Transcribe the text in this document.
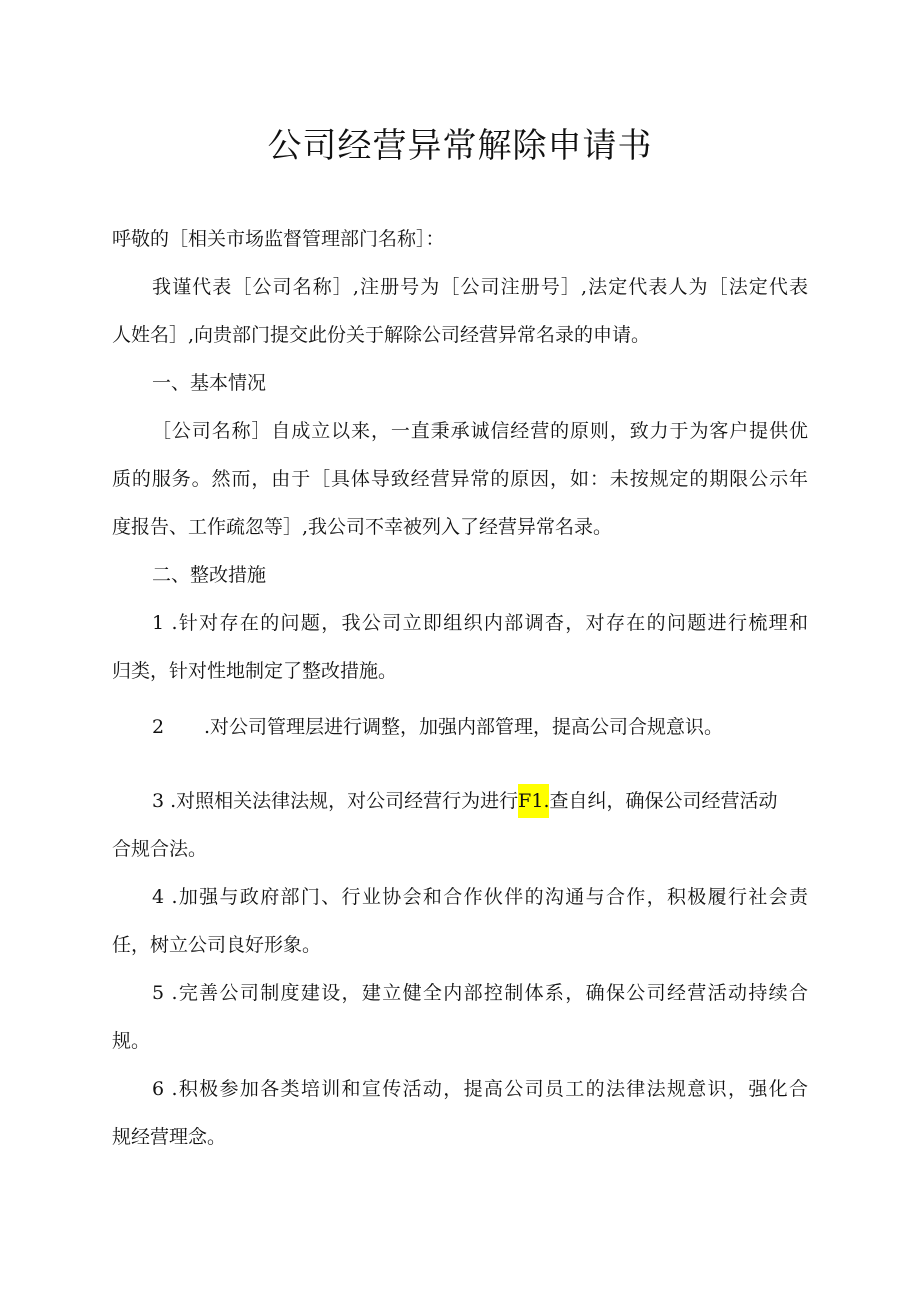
公司经营异常解除申请书

呼敬的［相关市场监督管理部门名称］：

我谨代表［公司名称］,注册号为［公司注册号］,法定代表人为［法定代表

人姓名］,向贵部门提交此份关于解除公司经营异常名录的申请。

一、基本情况

［公司名称］自成立以来，一直秉承诚信经营的原则，致力于为客户提供优

质的服务。然而，由于［具体导致经营异常的原因，如：未按规定的期限公示年

度报告、工作疏忽等］,我公司不幸被列入了经营异常名录。

二、整改措施

1 .针对存在的问题，我公司立即组织内部调杳，对存在的问题进行梳理和

归类，针对性地制定了整改措施。

2 .对公司管理层进行调整，加强内部管理，提高公司合规意识。

3 .对照相关法律法规，对公司经营行为进行F1.查自纠，确保公司经营活动

合规合法。

4 .加强与政府部门、行业协会和合作伙伴的沟通与合作，积极履行社会责

任，树立公司良好形象。

5 .完善公司制度建设，建立健全内部控制体系，确保公司经营活动持续合

规。

6 .积极参加各类培训和宣传活动，提高公司员工的法律法规意识，强化合

规经营理念。
